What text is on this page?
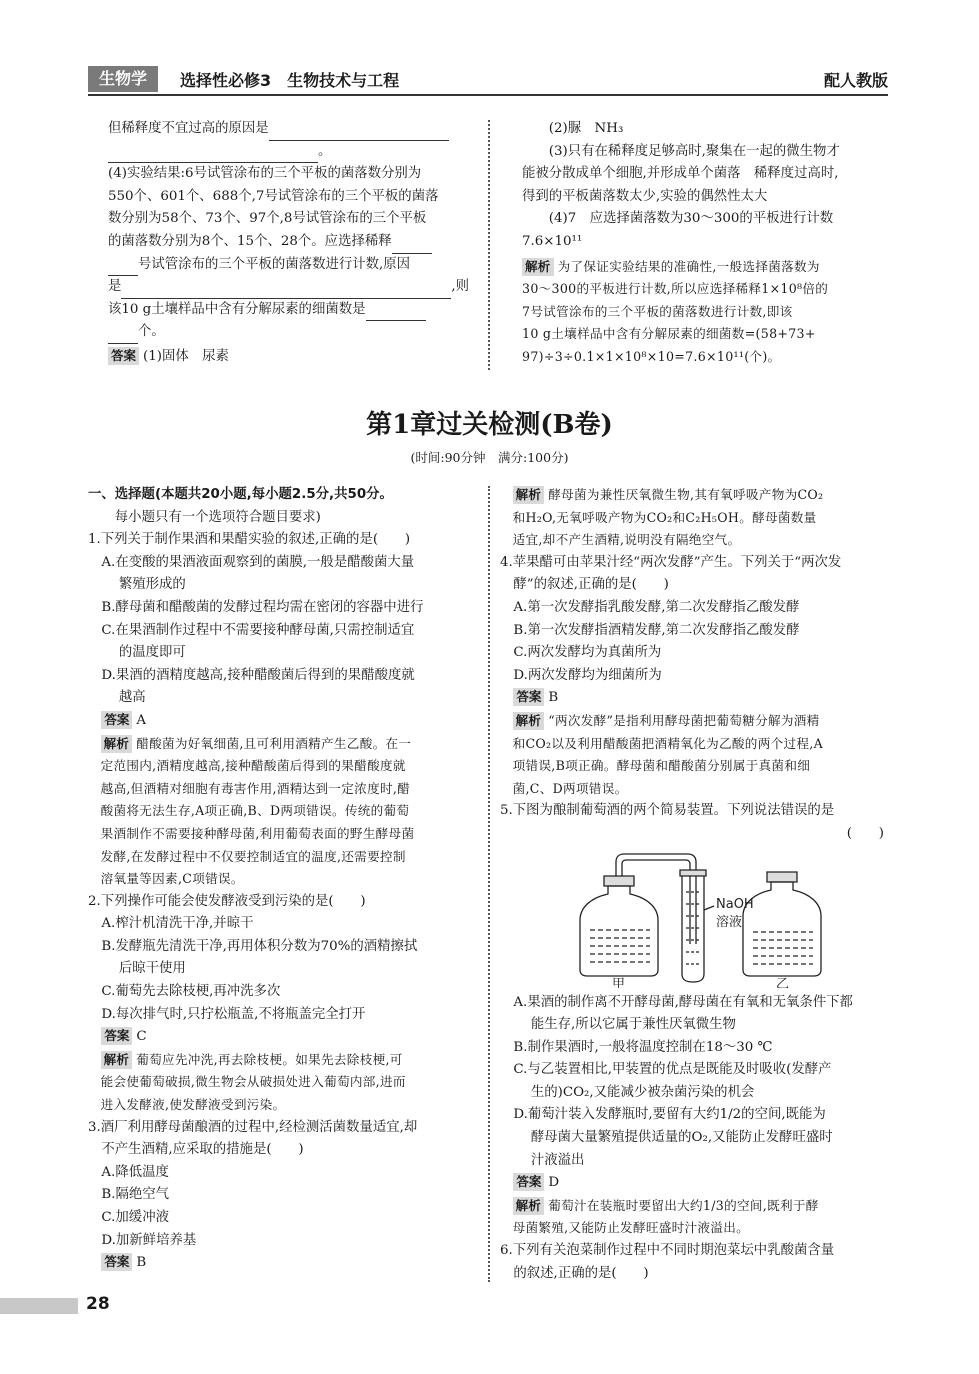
生物学	选择性必修3　生物技术与工程	配人教版

但稀释度不宜过高的原因是

。

(4)实验结果:6号试管涂布的三个平板的菌落数分别为

550个、601个、688个,7号试管涂布的三个平板的菌落

数分别为58个、73个、97个,8号试管涂布的三个平板

的菌落数分别为8个、15个、28个。应选择稀释

号试管涂布的三个平板的菌落数进行计数,原因

是	,则

该10 g土壤样品中含有分解尿素的细菌数是

个。

答案 (1)固体　尿素

(2)脲　NH₃

(3)只有在稀释度足够高时,聚集在一起的微生物才

能被分散成单个细胞,并形成单个菌落　稀释度过高时,

得到的平板菌落数太少,实验的偶然性太大

(4)7　应选择菌落数为30～300的平板进行计数

7.6×10¹¹

解析 为了保证实验结果的准确性,一般选择菌落数为

30～300的平板进行计数,所以应选择稀释1×10⁸倍的

7号试管涂布的三个平板的菌落数进行计数,即该

10 g土壤样品中含有分解尿素的细菌数=(58+73+

97)÷3÷0.1×1×10⁸×10=7.6×10¹¹(个)。

第1章过关检测(B卷)
(时间:90分钟　满分:100分)

一、选择题(本题共20小题,每小题2.5分,共50分。

每小题只有一个选项符合题目要求)

1.下列关于制作果酒和果醋实验的叙述,正确的是(　　)

A.在变酸的果酒液面观察到的菌膜,一般是醋酸菌大量

繁殖形成的

B.酵母菌和醋酸菌的发酵过程均需在密闭的容器中进行

C.在果酒制作过程中不需要接种酵母菌,只需控制适宜

的温度即可

D.果酒的酒精度越高,接种醋酸菌后得到的果醋酸度就

越高

答案 A

解析 醋酸菌为好氧细菌,且可利用酒精产生乙酸。在一

定范围内,酒精度越高,接种醋酸菌后得到的果醋酸度就

越高,但酒精对细胞有毒害作用,酒精达到一定浓度时,醋

酸菌将无法生存,A项正确,B、D两项错误。传统的葡萄

果酒制作不需要接种酵母菌,利用葡萄表面的野生酵母菌

发酵,在发酵过程中不仅要控制适宜的温度,还需要控制

溶氧量等因素,C项错误。

2.下列操作可能会使发酵液受到污染的是(　　)

A.榨汁机清洗干净,并晾干

B.发酵瓶先清洗干净,再用体积分数为70%的酒精擦拭

后晾干使用

C.葡萄先去除枝梗,再冲洗多次

D.每次排气时,只拧松瓶盖,不将瓶盖完全打开

答案 C

解析 葡萄应先冲洗,再去除枝梗。如果先去除枝梗,可

能会使葡萄破损,微生物会从破损处进入葡萄内部,进而

进入发酵液,使发酵液受到污染。

3.酒厂利用酵母菌酿酒的过程中,经检测活菌数量适宜,却

不产生酒精,应采取的措施是(　　)

A.降低温度

B.隔绝空气

C.加缓冲液

D.加新鲜培养基

答案 B

解析 酵母菌为兼性厌氧微生物,其有氧呼吸产物为CO₂

和H₂O,无氧呼吸产物为CO₂和C₂H₅OH。酵母菌数量

适宜,却不产生酒精,说明没有隔绝空气。

4.苹果醋可由苹果汁经“两次发酵”产生。下列关于“两次发

酵”的叙述,正确的是(　　)

A.第一次发酵指乳酸发酵,第二次发酵指乙酸发酵

B.第一次发酵指酒精发酵,第二次发酵指乙酸发酵

C.两次发酵均为真菌所为

D.两次发酵均为细菌所为

答案 B

解析 “两次发酵”是指利用酵母菌把葡萄糖分解为酒精

和CO₂以及利用醋酸菌把酒精氧化为乙酸的两个过程,A

项错误,B项正确。酵母菌和醋酸菌分别属于真菌和细

菌,C、D两项错误。

5.下图为酿制葡萄酒的两个简易装置。下列说法错误的是

(　　)

NaOH
溶液
甲	乙

A.果酒的制作离不开酵母菌,酵母菌在有氧和无氧条件下都

能生存,所以它属于兼性厌氧微生物

B.制作果酒时,一般将温度控制在18～30 ℃

C.与乙装置相比,甲装置的优点是既能及时吸收(发酵产

生的)CO₂,又能减少被杂菌污染的机会

D.葡萄汁装入发酵瓶时,要留有大约1/2的空间,既能为

酵母菌大量繁殖提供适量的O₂,又能防止发酵旺盛时

汁液溢出

答案 D

解析 葡萄汁在装瓶时要留出大约1/3的空间,既利于酵

母菌繁殖,又能防止发酵旺盛时汁液溢出。

6.下列有关泡菜制作过程中不同时期泡菜坛中乳酸菌含量

的叙述,正确的是(　　)

28
